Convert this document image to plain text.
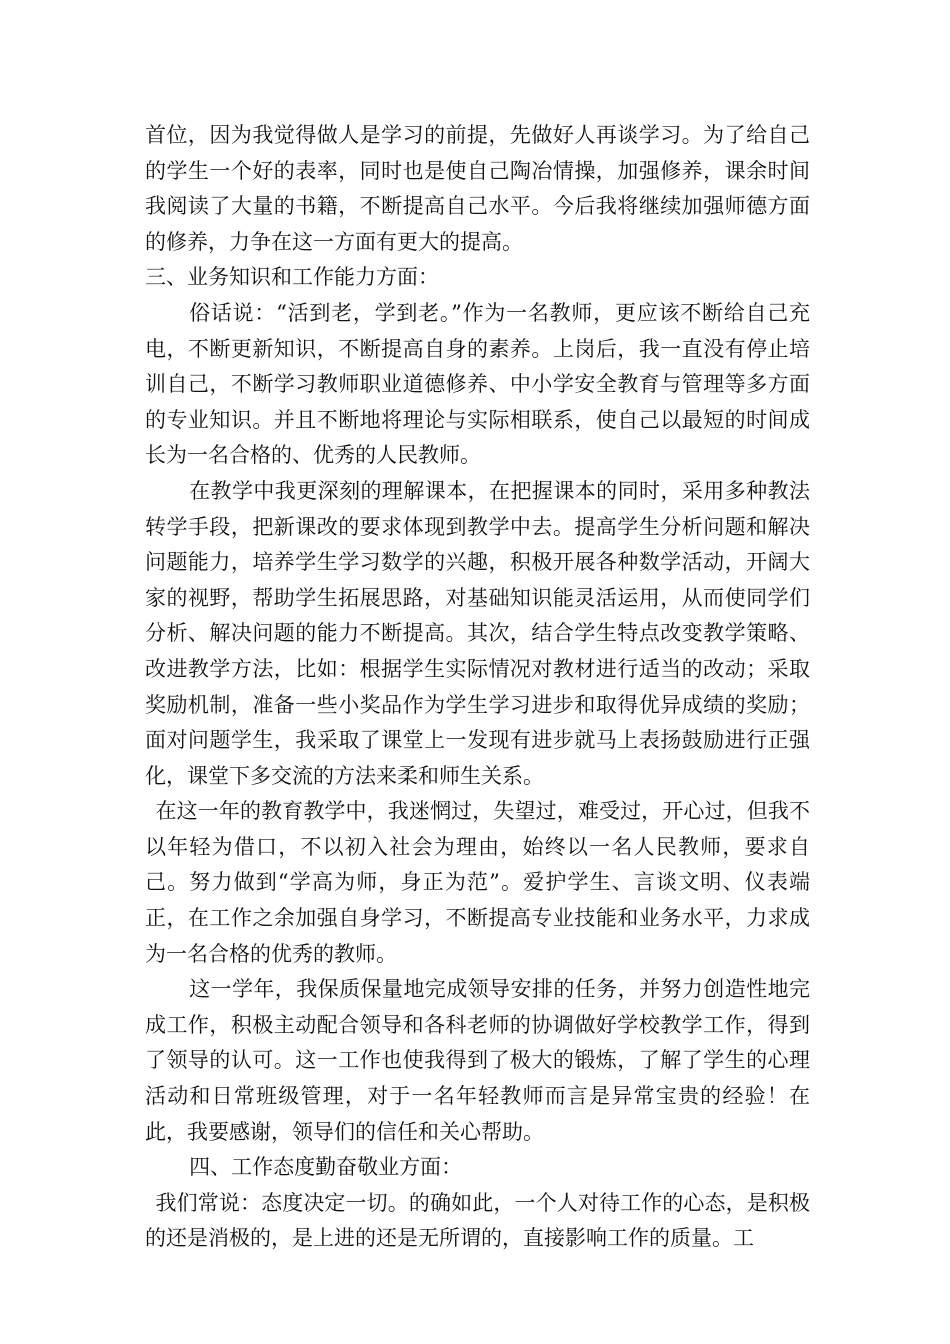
首位，因为我觉得做人是学习的前提，先做好人再谈学习。为了给自己的学生一个好的表率，同时也是使自己陶冶情操，加强修养，课余时间我阅读了大量的书籍，不断提高自己水平。今后我将继续加强师德方面的修养，力争在这一方面有更大的提高。

三、业务知识和工作能力方面：

俗话说：“活到老，学到老。”作为一名教师，更应该不断给自己充电，不断更新知识，不断提高自身的素养。上岗后，我一直没有停止培训自己，不断学习教师职业道德修养、中小学安全教育与管理等多方面的专业知识。并且不断地将理论与实际相联系，使自己以最短的时间成长为一名合格的、优秀的人民教师。

在教学中我更深刻的理解课本，在把握课本的同时，采用多种教法转学手段，把新课改的要求体现到教学中去。提高学生分析问题和解决问题能力，培养学生学习数学的兴趣，积极开展各种数学活动，开阔大家的视野，帮助学生拓展思路，对基础知识能灵活运用，从而使同学们分析、解决问题的能力不断提高。其次，结合学生特点改变教学策略、改进教学方法，比如：根据学生实际情况对教材进行适当的改动；采取奖励机制，准备一些小奖品作为学生学习进步和取得优异成绩的奖励；面对问题学生，我采取了课堂上一发现有进步就马上表扬鼓励进行正强化，课堂下多交流的方法来柔和师生关系。

在这一年的教育教学中，我迷惘过，失望过，难受过，开心过，但我不以年轻为借口，不以初入社会为理由，始终以一名人民教师，要求自己。努力做到“学高为师，身正为范”。爱护学生、言谈文明、仪表端正，在工作之余加强自身学习，不断提高专业技能和业务水平，力求成为一名合格的优秀的教师。

这一学年，我保质保量地完成领导安排的任务，并努力创造性地完成工作，积极主动配合领导和各科老师的协调做好学校教学工作，得到了领导的认可。这一工作也使我得到了极大的锻炼，了解了学生的心理活动和日常班级管理，对于一名年轻教师而言是异常宝贵的经验！在此，我要感谢，领导们的信任和关心帮助。

四、工作态度勤奋敬业方面：

我们常说：态度决定一切。的确如此，一个人对待工作的心态，是积极的还是消极的，是上进的还是无所谓的，直接影响工作的质量。工
